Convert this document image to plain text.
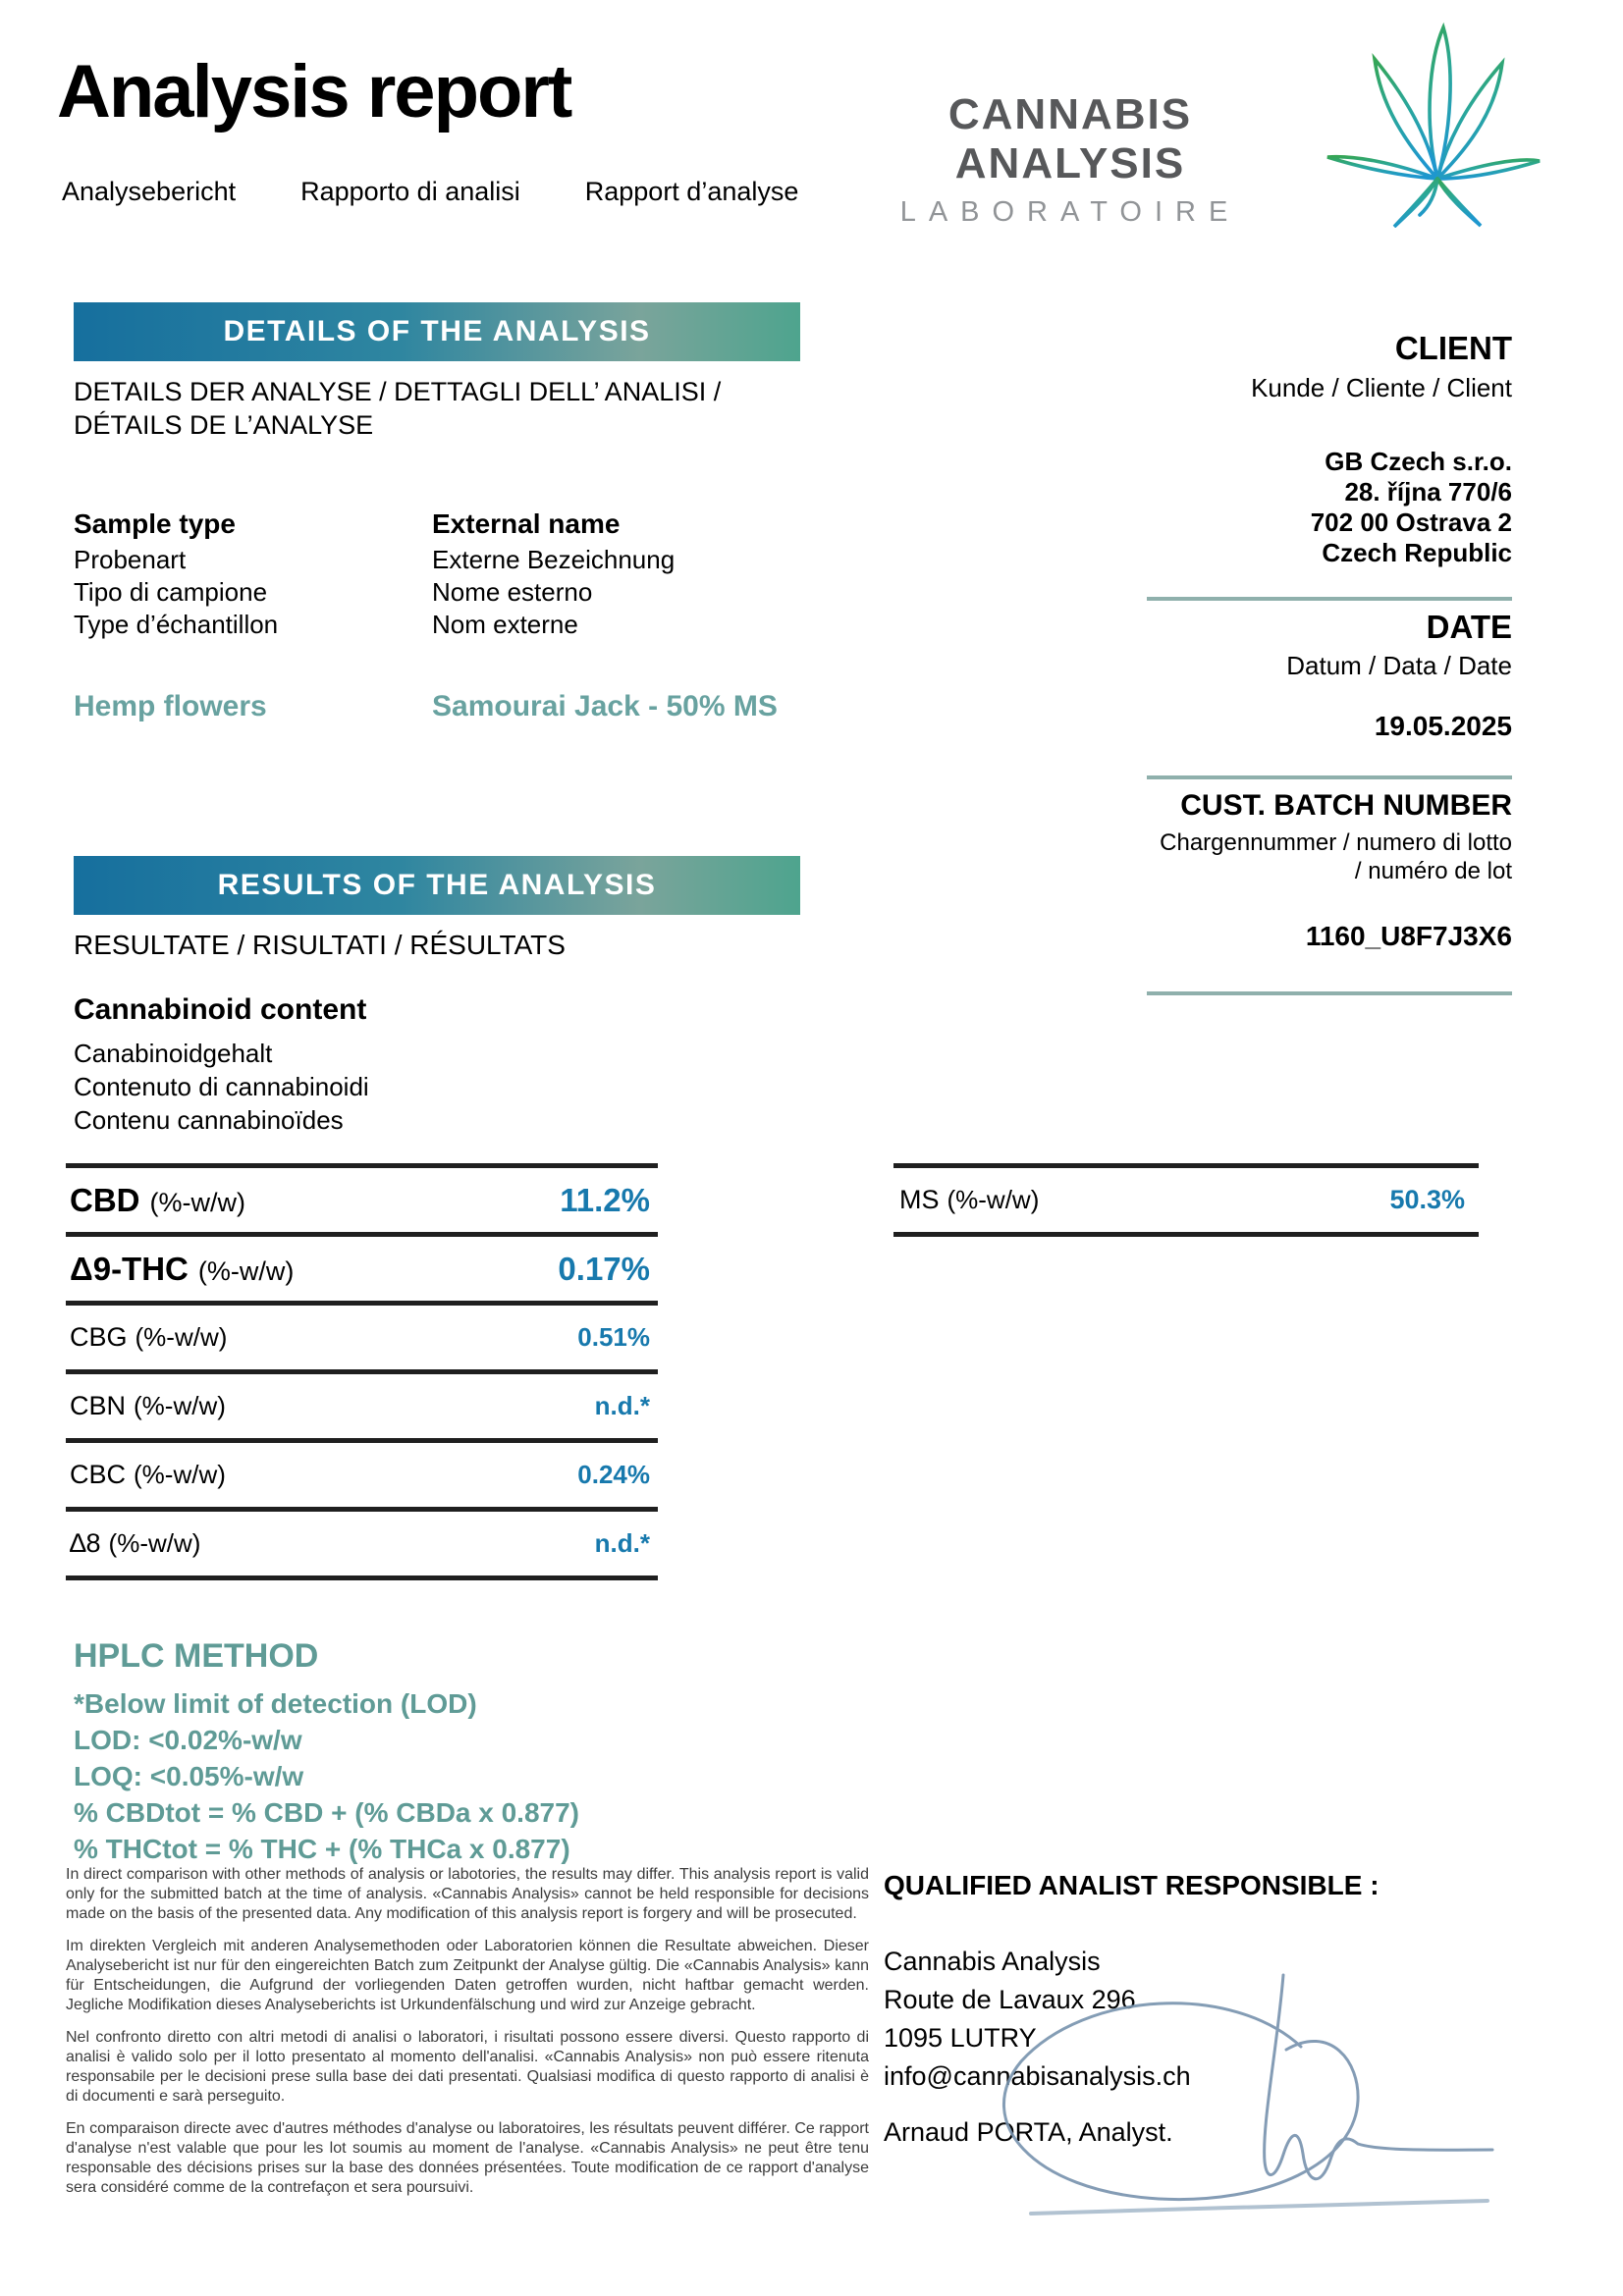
Analysis report
Analysebericht Rapporto di analisi Rapport d’analyse
CANNABIS ANALYSIS
LABORATOIRE
DETAILS OF THE ANALYSIS
DETAILS DER ANALYSE / DETTAGLI DELL’ ANALISI / DÉTAILS DE L’ANALYSE
Sample type
Probenart
Tipo di campione
Type d’échantillon
External name
Externe Bezeichnung
Nome esterno
Nom externe
Hemp flowers	Samourai Jack - 50% MS
CLIENT
Kunde / Cliente / Client
GB Czech s.r.o.
28. října 770/6
702 00 Ostrava 2
Czech Republic
DATE
Datum / Data / Date
19.05.2025
CUST. BATCH NUMBER
Chargennummer / numero di lotto
/ numéro de lot
1160_U8F7J3X6
RESULTS OF THE ANALYSIS
RESULTATE / RISULTATI / RÉSULTATS
Cannabinoid content
Canabinoidgehalt
Contenuto di cannabinoidi
Contenu cannabinoïdes
CBD (%-w/w)	11.2%
Δ9-THC (%-w/w)	0.17%
CBG (%-w/w)	0.51%
CBN (%-w/w)	n.d.*
CBC (%-w/w)	0.24%
∆8 (%-w/w)	n.d.*
MS (%-w/w)	50.3%
HPLC METHOD
*Below limit of detection (LOD)
LOD: <0.02%-w/w
LOQ: <0.05%-w/w
% CBDtot = % CBD + (% CBDa x 0.877)
% THCtot = % THC + (% THCa x 0.877)

In direct comparison with other methods of analysis or labotories, the results may differ. This analysis report is valid only for the submitted batch at the time of analysis. «Cannabis Analysis» cannot be held responsible for decisions made on the basis of the presented data. Any modification of this analysis report is forgery and will be prosecuted.

Im direkten Vergleich mit anderen Analysemethoden oder Laboratorien können die Resultate abweichen. Dieser Analysebericht ist nur für den eingereichten Batch zum Zeitpunkt der Analyse gültig. Die «Cannabis Analysis» kann für Entscheidungen, die Aufgrund der vorliegenden Daten getroffen wurden, nicht haftbar gemacht werden. Jegliche Modifikation dieses Analyseberichts ist Urkundenfälschung und wird zur Anzeige gebracht.

Nel confronto diretto con altri metodi di analisi o laboratori, i risultati possono essere diversi. Questo rapporto di analisi è valido solo per il lotto presentato al momento dell'analisi. «Cannabis Analysis» non può essere ritenuta responsabile per le decisioni prese sulla base dei dati presentati. Qualsiasi modifica di questo rapporto di analisi è di documenti e sarà perseguito.

En comparaison directe avec d'autres méthodes d'analyse ou laboratoires, les résultats peuvent différer. Ce rapport d'analyse n'est valable que pour les lot soumis au moment de l'analyse. «Cannabis Analysis» ne peut être tenu responsable des décisions prises sur la base des données présentées. Toute modification de ce rapport d'analyse sera considéré comme de la contrefaçon et sera poursuivi.

QUALIFIED ANALIST RESPONSIBLE :
Cannabis Analysis
Route de Lavaux 296
1095 LUTRY
info@cannabisanalysis.ch
Arnaud PORTA, Analyst.
